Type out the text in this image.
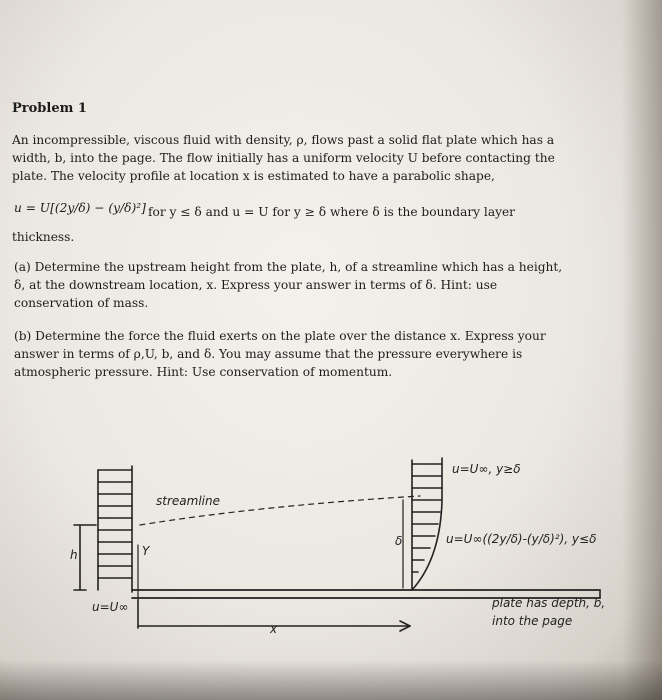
Problem 1
An incompressible, viscous fluid with density, ρ, flows past a solid flat plate which has a
width, b, into the page. The flow initially has a uniform velocity U before contacting the
plate. The velocity profile at location x is estimated to have a parabolic shape,
u = U[(2y/δ) − (y/δ)²] for y ≤ δ and u = U for y ≥ δ where δ is the boundary layer
thickness.
(a) Determine the upstream height from the plate, h, of a streamline which has a height,
δ, at the downstream location, x. Express your answer in terms of δ. Hint: use
conservation of mass.
(b) Determine the force the fluid exerts on the plate over the distance x. Express your
answer in terms of ρ,U, b, and δ. You may assume that the pressure everywhere is
atmospheric pressure. Hint: Use conservation of momentum.
streamline
u=U∞
h	Y
δ
x
u=U∞, y≥δ
u=U∞((2y/δ)-(y/δ)²), y≤δ
plate has depth, b,
into the page
